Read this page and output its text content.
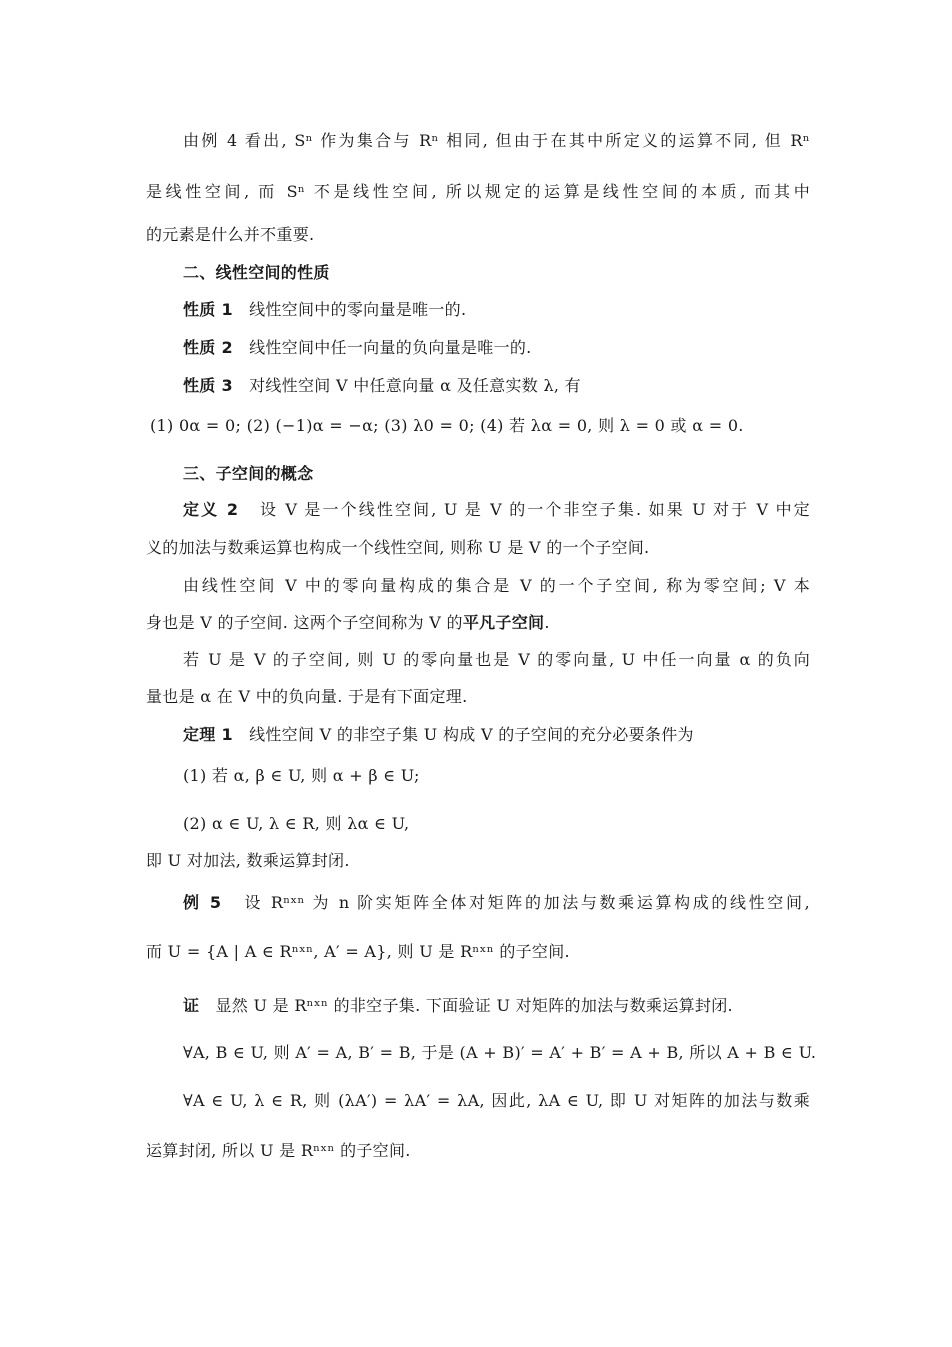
由例 4 看出, Sⁿ 作为集合与 Rⁿ 相同, 但由于在其中所定义的运算不同, 但 Rⁿ
是线性空间, 而 Sⁿ 不是线性空间, 所以规定的运算是线性空间的本质, 而其中
的元素是什么并不重要.
二、线性空间的性质
性质 1 线性空间中的零向量是唯一的.
性质 2 线性空间中任一向量的负向量是唯一的.
性质 3 对线性空间 V 中任意向量 α 及任意实数 λ, 有
(1) 0α = 0; (2) (−1)α = −α; (3) λ0 = 0; (4) 若 λα = 0, 则 λ = 0 或 α = 0.
三、子空间的概念
定义 2 设 V 是一个线性空间, U 是 V 的一个非空子集. 如果 U 对于 V 中定
义的加法与数乘运算也构成一个线性空间, 则称 U 是 V 的一个子空间.
由线性空间 V 中的零向量构成的集合是 V 的一个子空间, 称为零空间; V 本
身也是 V 的子空间. 这两个子空间称为 V 的平凡子空间.
若 U 是 V 的子空间, 则 U 的零向量也是 V 的零向量, U 中任一向量 α 的负向
量也是 α 在 V 中的负向量. 于是有下面定理.
定理 1 线性空间 V 的非空子集 U 构成 V 的子空间的充分必要条件为
(1) 若 α, β ∈ U, 则 α + β ∈ U;
(2) α ∈ U, λ ∈ R, 则 λα ∈ U,
即 U 对加法, 数乘运算封闭.
例 5 设 Rⁿˣⁿ 为 n 阶实矩阵全体对矩阵的加法与数乘运算构成的线性空间,
而 U = {A | A ∈ Rⁿˣⁿ, A′ = A}, 则 U 是 Rⁿˣⁿ 的子空间.
证 显然 U 是 Rⁿˣⁿ 的非空子集. 下面验证 U 对矩阵的加法与数乘运算封闭.
∀A, B ∈ U, 则 A′ = A, B′ = B, 于是 (A + B)′ = A′ + B′ = A + B, 所以 A + B ∈ U.
∀A ∈ U, λ ∈ R, 则 (λA′) = λA′ = λA, 因此, λA ∈ U, 即 U 对矩阵的加法与数乘
运算封闭, 所以 U 是 Rⁿˣⁿ 的子空间.
